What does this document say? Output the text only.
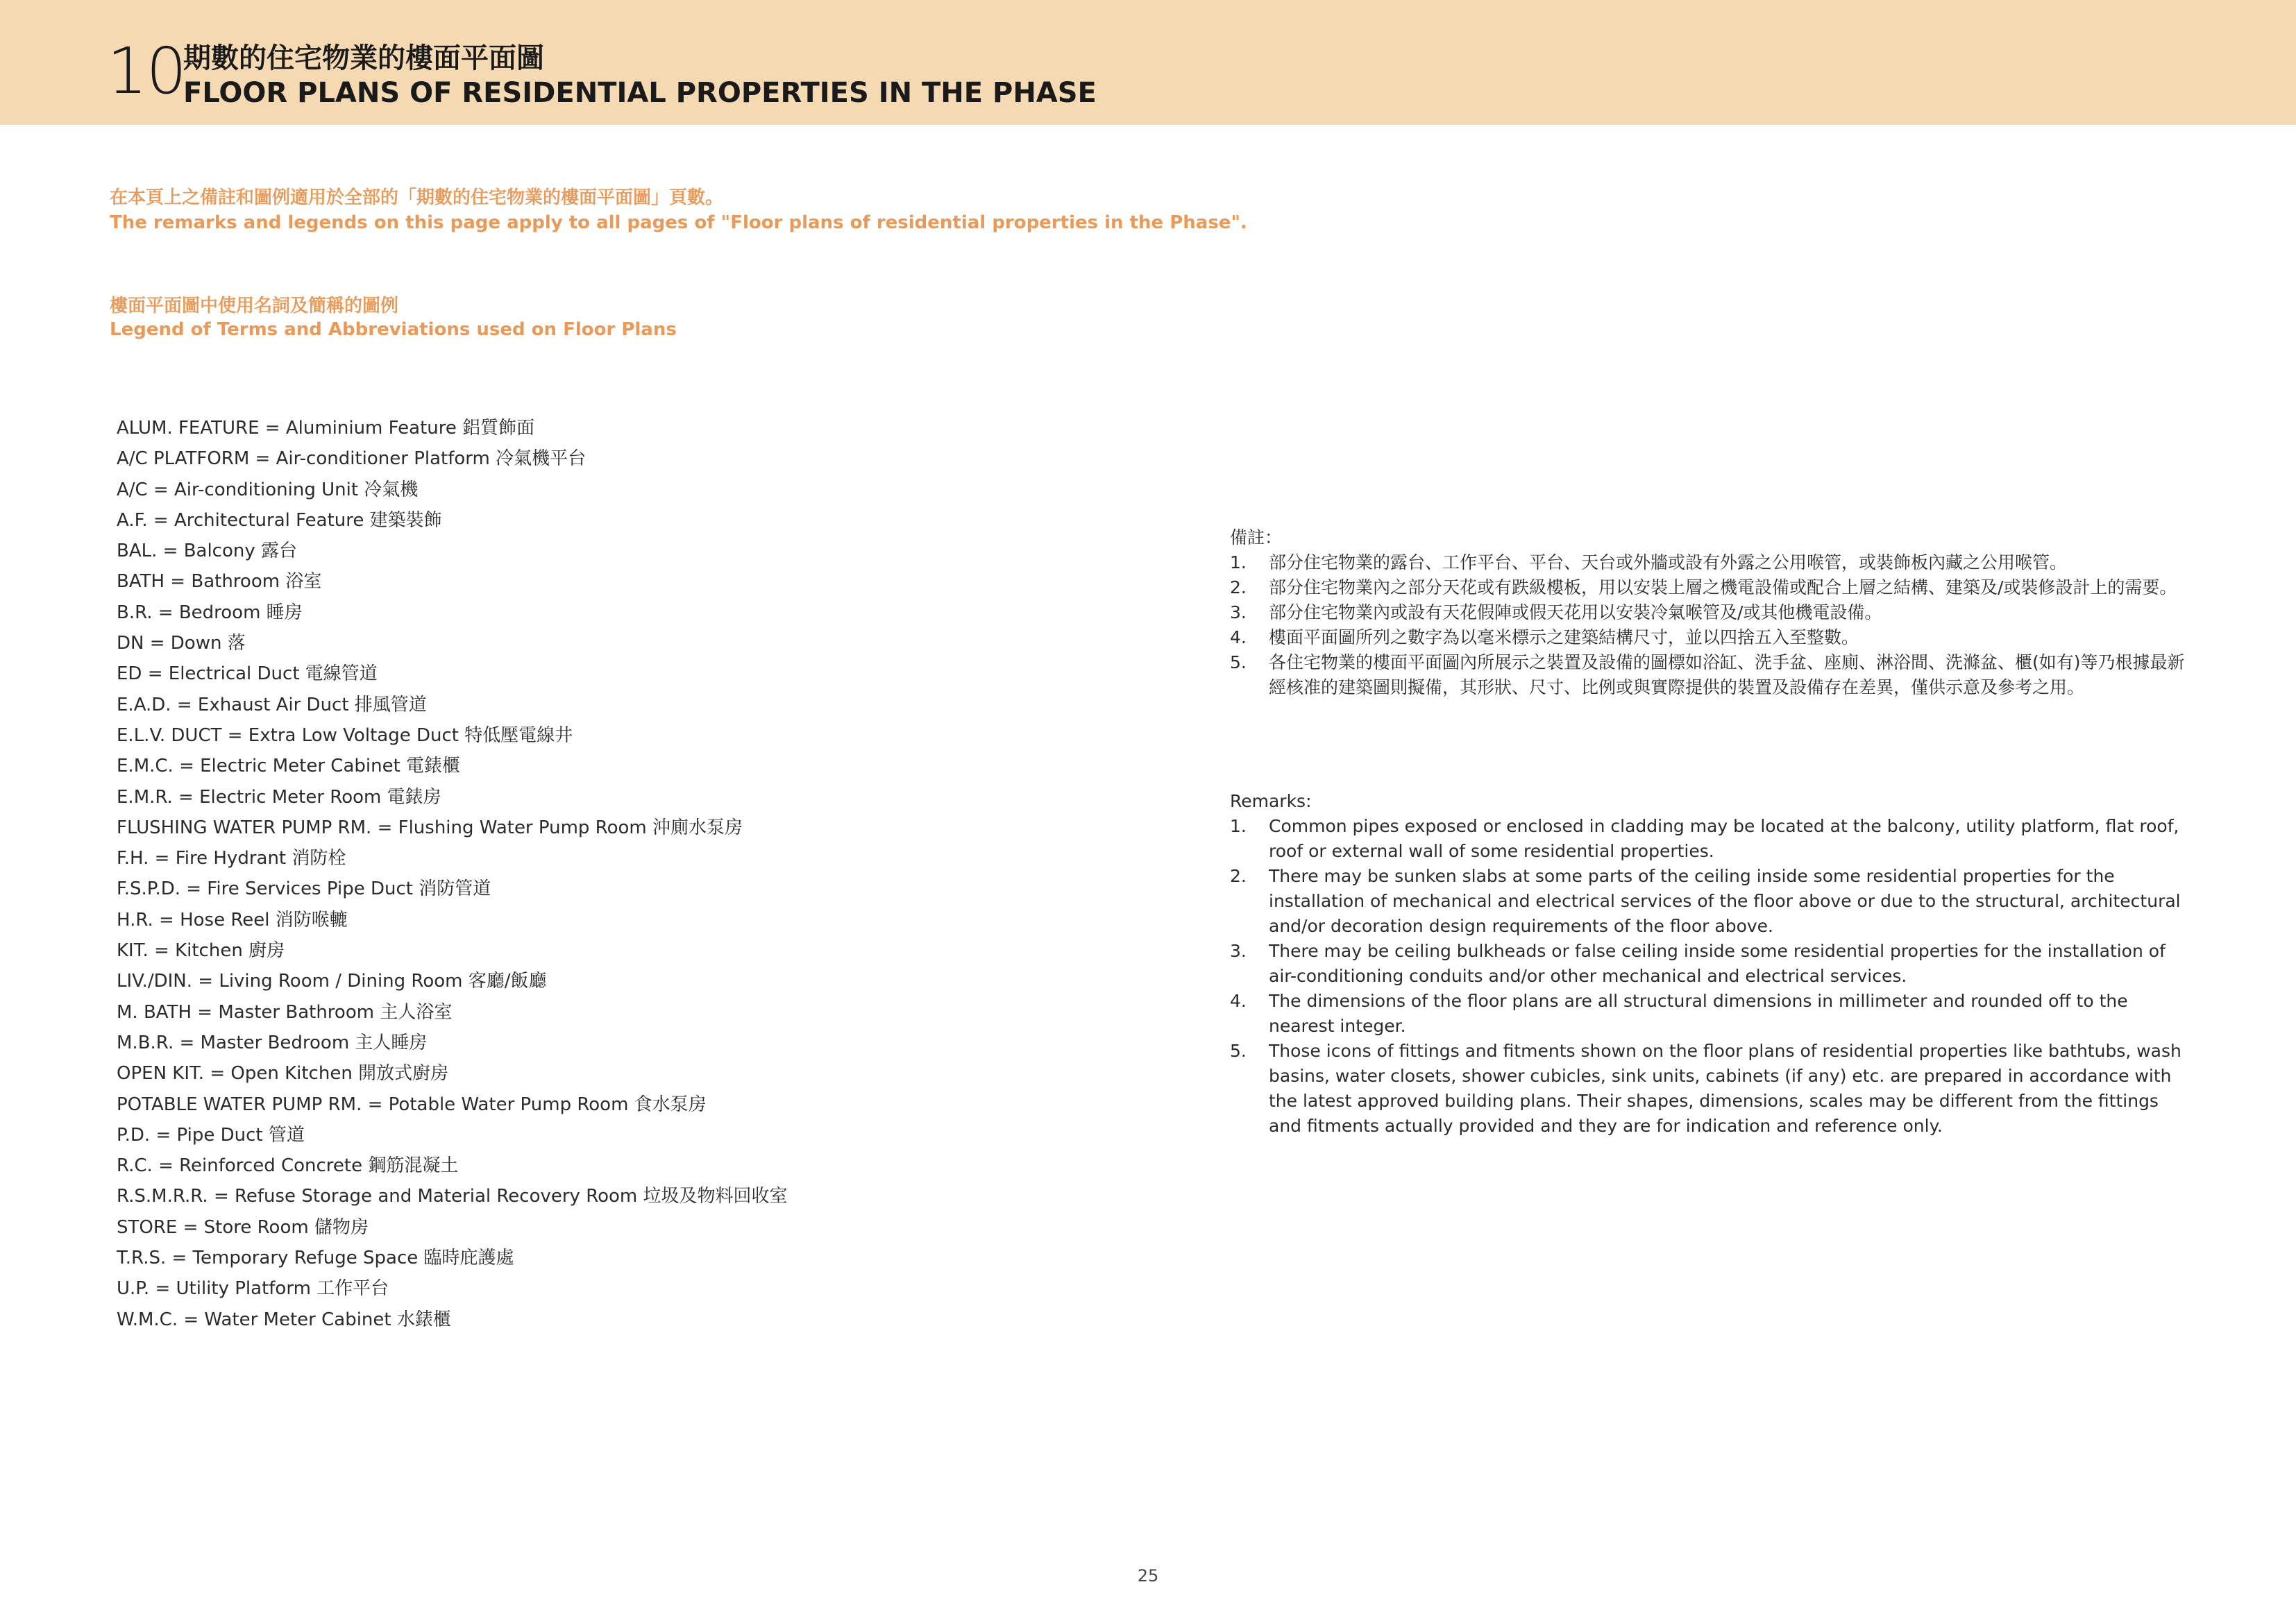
10
期數的住宅物業的樓面平面圖
FLOOR PLANS OF RESIDENTIAL PROPERTIES IN THE PHASE
在本頁上之備註和圖例適用於全部的「期數的住宅物業的樓面平面圖」頁數。
The remarks and legends on this page apply to all pages of "Floor plans of residential properties in the Phase".
樓面平面圖中使用名詞及簡稱的圖例
Legend of Terms and Abbreviations used on Floor Plans
ALUM. FEATURE = Aluminium Feature 鋁質飾面
A/C PLATFORM = Air-conditioner Platform 冷氣機平台
A/C = Air-conditioning Unit 冷氣機
A.F. = Architectural Feature 建築裝飾
BAL. = Balcony 露台
BATH = Bathroom 浴室
B.R. = Bedroom 睡房
DN = Down 落
ED = Electrical Duct 電線管道
E.A.D. = Exhaust Air Duct 排風管道
E.L.V. DUCT = Extra Low Voltage Duct 特低壓電線井
E.M.C. = Electric Meter Cabinet 電錶櫃
E.M.R. = Electric Meter Room 電錶房
FLUSHING WATER PUMP RM. = Flushing Water Pump Room 沖廁水泵房
F.H. = Fire Hydrant 消防栓
F.S.P.D. = Fire Services Pipe Duct 消防管道
H.R. = Hose Reel 消防喉轆
KIT. = Kitchen 廚房
LIV./DIN. = Living Room / Dining Room 客廳/飯廳
M. BATH = Master Bathroom 主人浴室
M.B.R. = Master Bedroom 主人睡房
OPEN KIT. = Open Kitchen 開放式廚房
POTABLE WATER PUMP RM. = Potable Water Pump Room 食水泵房
P.D. = Pipe Duct 管道
R.C. = Reinforced Concrete 鋼筋混凝土
R.S.M.R.R. = Refuse Storage and Material Recovery Room 垃圾及物料回收室
STORE = Store Room 儲物房
T.R.S. = Temporary Refuge Space 臨時庇護處
U.P. = Utility Platform 工作平台
W.M.C. = Water Meter Cabinet 水錶櫃

備註：

1. 部分住宅物業的露台、工作平台、平台、天台或外牆或設有外露之公用喉管，或裝飾板內藏之公用喉管。
2. 部分住宅物業內之部分天花或有跌級樓板，用以安裝上層之機電設備或配合上層之結構、建築及/或裝修設計上的需要。
3. 部分住宅物業內或設有天花假陣或假天花用以安裝冷氣喉管及/或其他機電設備。
4. 樓面平面圖所列之數字為以毫米標示之建築結構尺寸，並以四捨五入至整數。
5. 各住宅物業的樓面平面圖內所展示之裝置及設備的圖標如浴缸、洗手盆、座廁、淋浴間、洗滌盆、櫃(如有)等乃根據最新經核准的建築圖則擬備，其形狀、尺寸、比例或與實際提供的裝置及設備存在差異，僅供示意及參考之用。

Remarks:

1. Common pipes exposed or enclosed in cladding may be located at the balcony, utility platform, flat roof, roof or external wall of some residential properties.
2. There may be sunken slabs at some parts of the ceiling inside some residential properties for the installation of mechanical and electrical services of the floor above or due to the structural, architectural and/or decoration design requirements of the floor above.
3. There may be ceiling bulkheads or false ceiling inside some residential properties for the installation of air-conditioning conduits and/or other mechanical and electrical services.
4. The dimensions of the floor plans are all structural dimensions in millimeter and rounded off to the nearest integer.
5. Those icons of fittings and fitments shown on the floor plans of residential properties like bathtubs, wash basins, water closets, shower cubicles, sink units, cabinets (if any) etc. are prepared in accordance with the latest approved building plans. Their shapes, dimensions, scales may be different from the fittings and fitments actually provided and they are for indication and reference only.
25
